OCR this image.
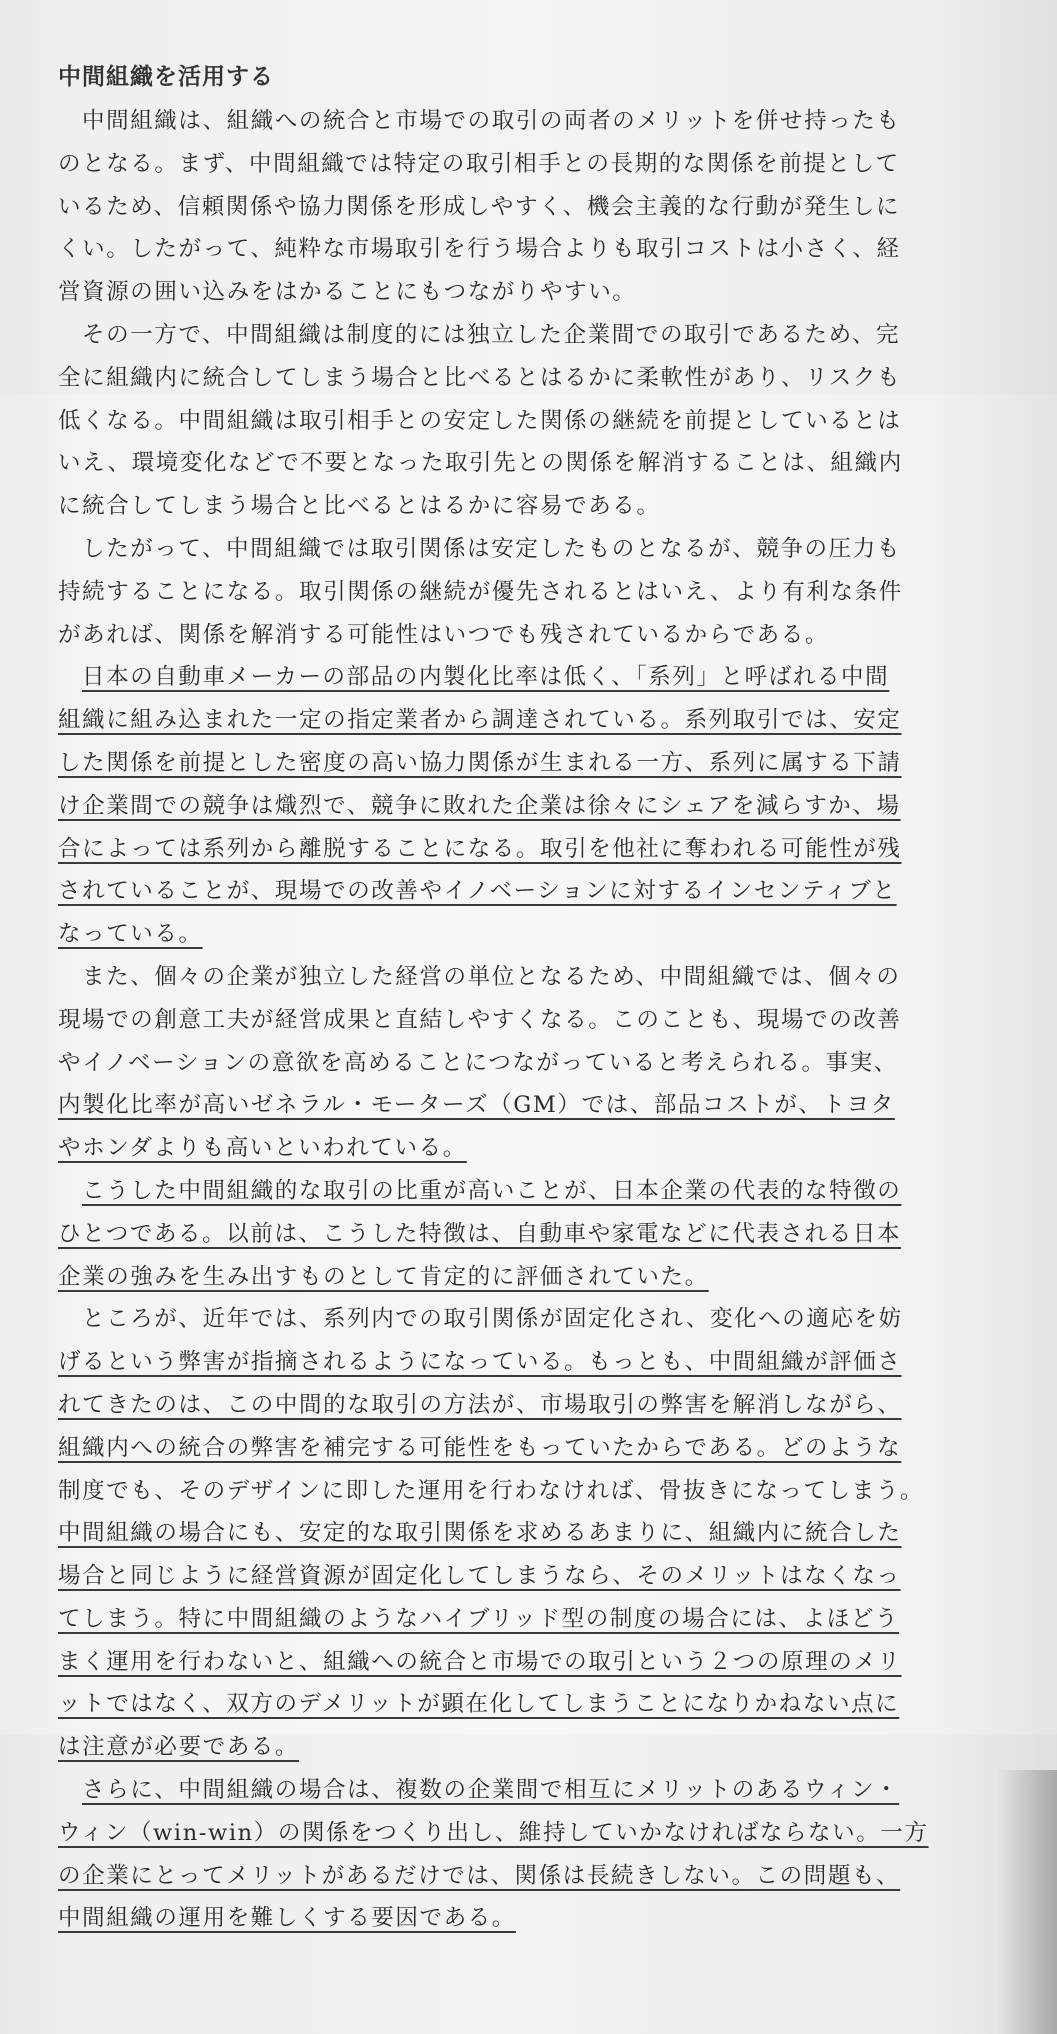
中間組織を活用する
中間組織は、組織への統合と市場での取引の両者のメリットを併せ持ったも
のとなる。まず、中間組織では特定の取引相手との長期的な関係を前提として
いるため、信頼関係や協力関係を形成しやすく、機会主義的な行動が発生しに
くい。したがって、純粋な市場取引を行う場合よりも取引コストは小さく、経
営資源の囲い込みをはかることにもつながりやすい。
その一方で、中間組織は制度的には独立した企業間での取引であるため、完
全に組織内に統合してしまう場合と比べるとはるかに柔軟性があり、リスクも
低くなる。中間組織は取引相手との安定した関係の継続を前提としているとは
いえ、環境変化などで不要となった取引先との関係を解消することは、組織内
に統合してしまう場合と比べるとはるかに容易である。
したがって、中間組織では取引関係は安定したものとなるが、競争の圧力も
持続することになる。取引関係の継続が優先されるとはいえ、より有利な条件
があれば、関係を解消する可能性はいつでも残されているからである。
日本の自動車メーカーの部品の内製化比率は低く、「系列」と呼ばれる中間
組織に組み込まれた一定の指定業者から調達されている。系列取引では、安定
した関係を前提とした密度の高い協力関係が生まれる一方、系列に属する下請
け企業間での競争は熾烈で、競争に敗れた企業は徐々にシェアを減らすか、場
合によっては系列から離脱することになる。取引を他社に奪われる可能性が残
されていることが、現場での改善やイノベーションに対するインセンティブと
なっている。
また、個々の企業が独立した経営の単位となるため、中間組織では、個々の
現場での創意工夫が経営成果と直結しやすくなる。このことも、現場での改善
やイノベーションの意欲を高めることにつながっていると考えられる。事実、
内製化比率が高いゼネラル・モーターズ（GM）では、部品コストが、トヨタ
やホンダよりも高いといわれている。
こうした中間組織的な取引の比重が高いことが、日本企業の代表的な特徴の
ひとつである。以前は、こうした特徴は、自動車や家電などに代表される日本
企業の強みを生み出すものとして肯定的に評価されていた。
ところが、近年では、系列内での取引関係が固定化され、変化への適応を妨
げるという弊害が指摘されるようになっている。もっとも、中間組織が評価さ
れてきたのは、この中間的な取引の方法が、市場取引の弊害を解消しながら、
組織内への統合の弊害を補完する可能性をもっていたからである。どのような
制度でも、そのデザインに即した運用を行わなければ、骨抜きになってしまう。
中間組織の場合にも、安定的な取引関係を求めるあまりに、組織内に統合した
場合と同じように経営資源が固定化してしまうなら、そのメリットはなくなっ
てしまう。特に中間組織のようなハイブリッド型の制度の場合には、よほどう
まく運用を行わないと、組織への統合と市場での取引という２つの原理のメリ
ットではなく、双方のデメリットが顕在化してしまうことになりかねない点に
は注意が必要である。
さらに、中間組織の場合は、複数の企業間で相互にメリットのあるウィン・
ウィン（win-win）の関係をつくり出し、維持していかなければならない。一方
の企業にとってメリットがあるだけでは、関係は長続きしない。この問題も、
中間組織の運用を難しくする要因である。
